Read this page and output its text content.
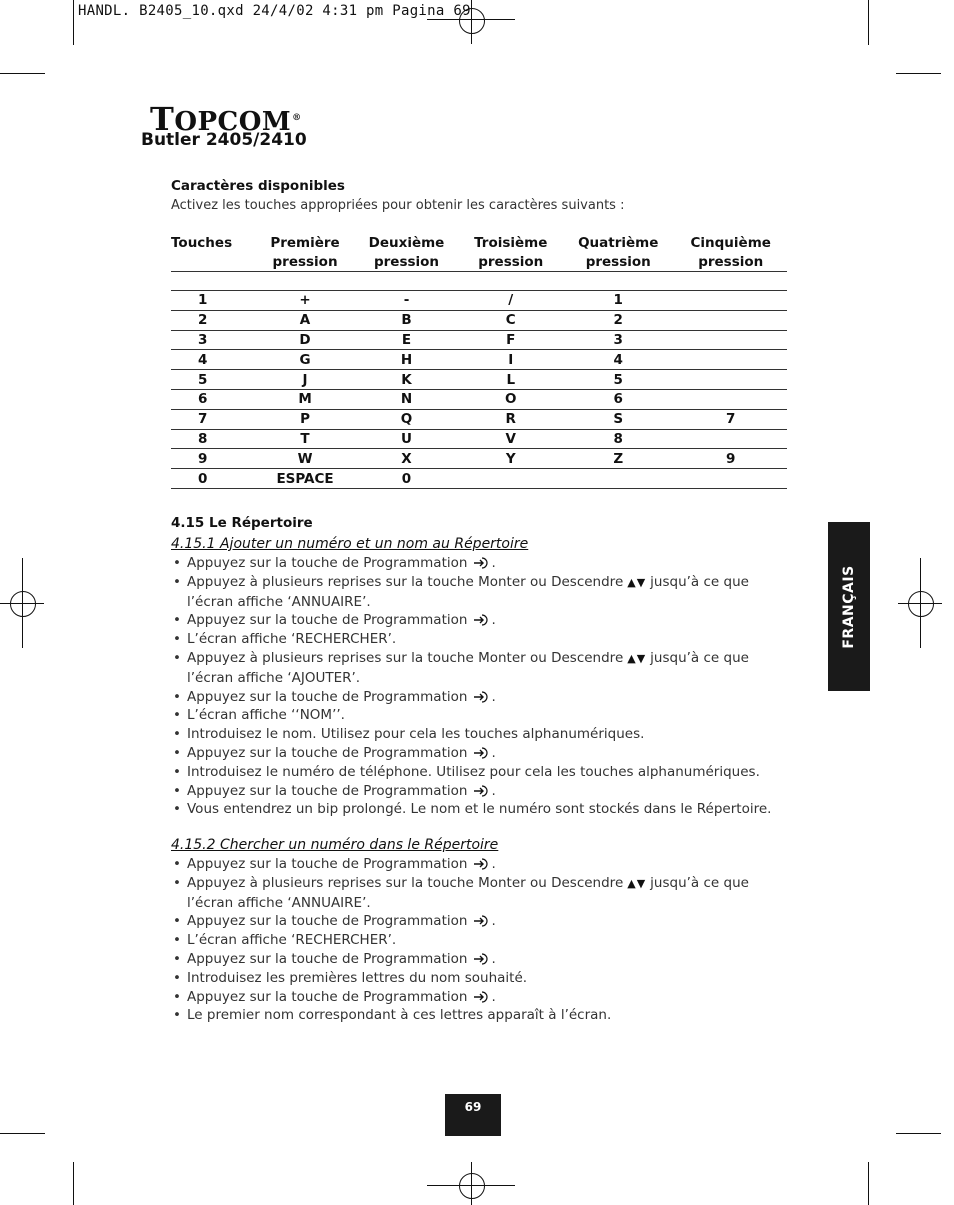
HANDL. B2405_10.qxd 24/4/02 4:31 pm Pagina 69
TOPCOM®
Butler 2405/2410
Caractères disponibles
Activez les touches appropriées pour obtenir les caractères suivants :
Touches	Première	Deuxième	Troisième	Quatrième	Cinquième
	pression	pression	pression	pression	pression

1	+	-	/	1	
2	A	B	C	2	
3	D	E	F	3	
4	G	H	I	4	
5	J	K	L	5	
6	M	N	O	6	
7	P	Q	R	S	7
8	T	U	V	8	
9	W	X	Y	Z	9
0	ESPACE	0			
4.15 Le Répertoire
4.15.1 Ajouter un numéro et un nom au Répertoire
• Appuyez sur la touche de Programmation .
• Appuyez à plusieurs reprises sur la touche Monter ou Descendre ▲▼ jusqu’à ce que l’écran affiche ‘ANNUAIRE’.
• Appuyez sur la touche de Programmation .
• L’écran affiche ‘RECHERCHER’.
• Appuyez à plusieurs reprises sur la touche Monter ou Descendre ▲▼ jusqu’à ce que l’écran affiche ‘AJOUTER’.
• Appuyez sur la touche de Programmation .
• L’écran affiche ‘‘NOM’’.
• Introduisez le nom. Utilisez pour cela les touches alphanumériques.
• Appuyez sur la touche de Programmation .
• Introduisez le numéro de téléphone. Utilisez pour cela les touches alphanumériques.
• Appuyez sur la touche de Programmation .
• Vous entendrez un bip prolongé. Le nom et le numéro sont stockés dans le Répertoire.
4.15.2 Chercher un numéro dans le Répertoire
• Appuyez sur la touche de Programmation .
• Appuyez à plusieurs reprises sur la touche Monter ou Descendre ▲▼ jusqu’à ce que l’écran affiche ‘ANNUAIRE’.
• Appuyez sur la touche de Programmation .
• L’écran affiche ‘RECHERCHER’.
• Appuyez sur la touche de Programmation .
• Introduisez les premières lettres du nom souhaité.
• Appuyez sur la touche de Programmation .
• Le premier nom correspondant à ces lettres apparaît à l’écran.
FRANÇAIS
69
